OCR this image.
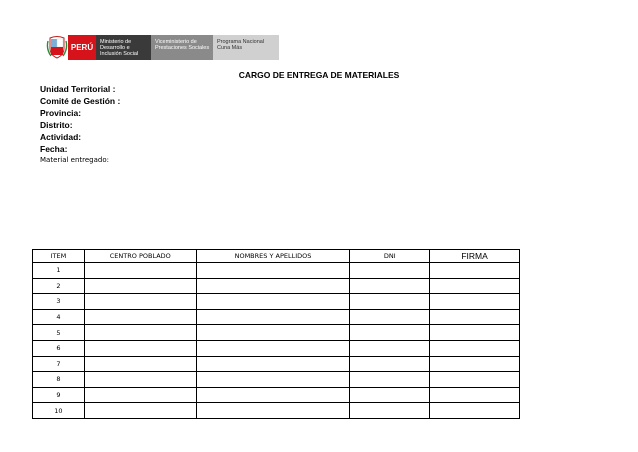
PERÚ
Ministerio de Desarrollo e Inclusión Social
Viceministerio de Prestaciones Sociales
Programa Nacional Cuna Más
CARGO DE ENTREGA DE MATERIALES
Unidad Territorial :
Comité de Gestión :
Provincia:
Distrito:
Actividad:
Fecha:
Material entregado:
ITEM	CENTRO POBLADO	NOMBRES Y APELLIDOS	DNI	FIRMA
1				
2				
3				
4				
5				
6				
7				
8				
9				
10				
